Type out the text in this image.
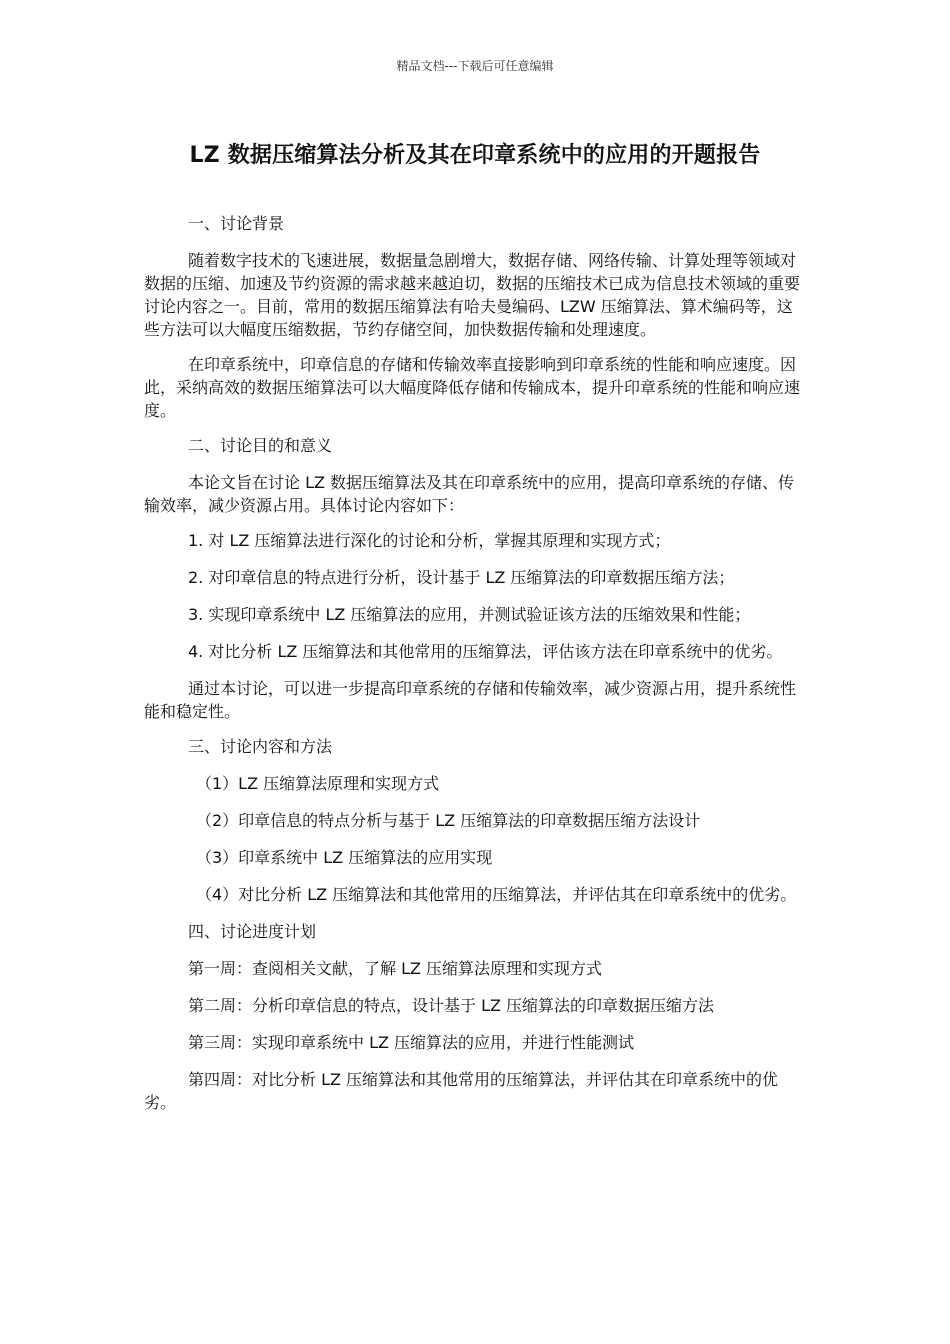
精品文档---下载后可任意编辑
LZ 数据压缩算法分析及其在印章系统中的应用的开题报告

一、讨论背景

随着数字技术的飞速进展，数据量急剧增大，数据存储、网络传输、计算处理等领域对数据的压缩、加速及节约资源的需求越来越迫切，数据的压缩技术已成为信息技术领域的重要讨论内容之一。目前，常用的数据压缩算法有哈夫曼编码、LZW 压缩算法、算术编码等，这些方法可以大幅度压缩数据，节约存储空间，加快数据传输和处理速度。

在印章系统中，印章信息的存储和传输效率直接影响到印章系统的性能和响应速度。因此，采纳高效的数据压缩算法可以大幅度降低存储和传输成本，提升印章系统的性能和响应速度。

二、讨论目的和意义

本论文旨在讨论 LZ 数据压缩算法及其在印章系统中的应用，提高印章系统的存储、传输效率，减少资源占用。具体讨论内容如下：

1. 对 LZ 压缩算法进行深化的讨论和分析，掌握其原理和实现方式；

2. 对印章信息的特点进行分析，设计基于 LZ 压缩算法的印章数据压缩方法；

3. 实现印章系统中 LZ 压缩算法的应用，并测试验证该方法的压缩效果和性能；

4. 对比分析 LZ 压缩算法和其他常用的压缩算法，评估该方法在印章系统中的优劣。

通过本讨论，可以进一步提高印章系统的存储和传输效率，减少资源占用，提升系统性能和稳定性。

三、讨论内容和方法

（1）LZ 压缩算法原理和实现方式

（2）印章信息的特点分析与基于 LZ 压缩算法的印章数据压缩方法设计

（3）印章系统中 LZ 压缩算法的应用实现

（4）对比分析 LZ 压缩算法和其他常用的压缩算法，并评估其在印章系统中的优劣。

四、讨论进度计划

第一周：查阅相关文献，了解 LZ 压缩算法原理和实现方式

第二周：分析印章信息的特点，设计基于 LZ 压缩算法的印章数据压缩方法

第三周：实现印章系统中 LZ 压缩算法的应用，并进行性能测试

第四周：对比分析 LZ 压缩算法和其他常用的压缩算法，并评估其在印章系统中的优劣。
